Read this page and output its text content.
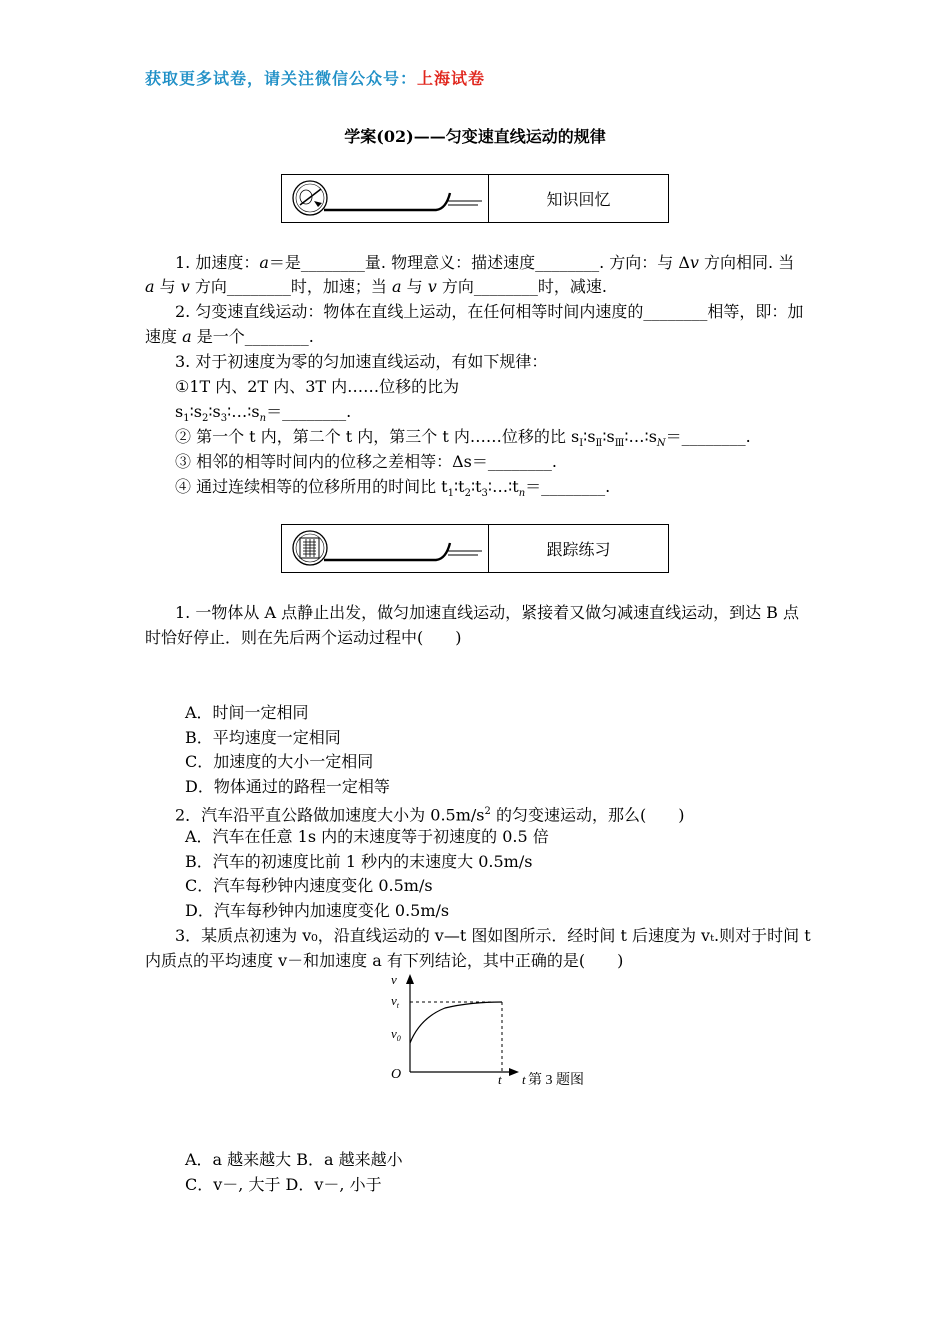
获取更多试卷，请关注微信公众号：上海试卷
学案(02)——匀变速直线运动的规律
知识回忆
1. 加速度：a＝是________量. 物理意义：描述速度________. 方向：与 Δv 方向相同. 当
a 与 v 方向________时，加速；当 a 与 v 方向________时，减速.
2. 匀变速直线运动：物体在直线上运动，在任何相等时间内速度的________相等，即：加
速度 a 是一个________.
3. 对于初速度为零的匀加速直线运动，有如下规律：
①1T 内、2T 内、3T 内……位移的比为
$s_1∶s_2∶s_3∶\dots∶s_n=\_\_\_\_\_\_\_\_$.
② 第一个 t 内，第二个 t 内，第三个 t 内……位移的比 $s_Ⅰ∶s_Ⅱ∶s_Ⅲ∶\dots∶s_N=\_\_\_\_\_\_\_\_$.
③ 相邻的相等时间内的位移之差相等：Δs＝________.
④ 通过连续相等的位移所用的时间比 $t_1∶t_2∶t_3∶\dots∶t_n=\_\_\_\_\_\_\_\_$.
跟踪练习
1. 一物体从 A 点静止出发，做匀加速直线运动，紧接着又做匀减速直线运动，到达 B 点
时恰好停止．则在先后两个运动过程中(　　)
A．时间一定相同
B．平均速度一定相同
C．加速度的大小一定相同
D．物体通过的路程一定相等
2．汽车沿平直公路做加速度大小为 $0.5m/s^2$ 的匀变速运动，那么(　　)
A．汽车在任意 1s 内的末速度等于初速度的 0.5 倍
B．汽车的初速度比前 1 秒内的末速度大 0.5m/s
C．汽车每秒钟内速度变化 0.5m/s
D．汽车每秒钟内加速度变化 0.5m/s
3．某质点初速为 v₀，沿直线运动的 v—t 图如图所示．经时间 t 后速度为 vₜ.则对于时间 t
内质点的平均速度 v－和加速度 a 有下列结论，其中正确的是(　　)
v
$v_t$
$v_0$
O	t t 第 3 题图
A．a 越来越大 B．a 越来越小
C．v－, 大于 D．v－, 小于
